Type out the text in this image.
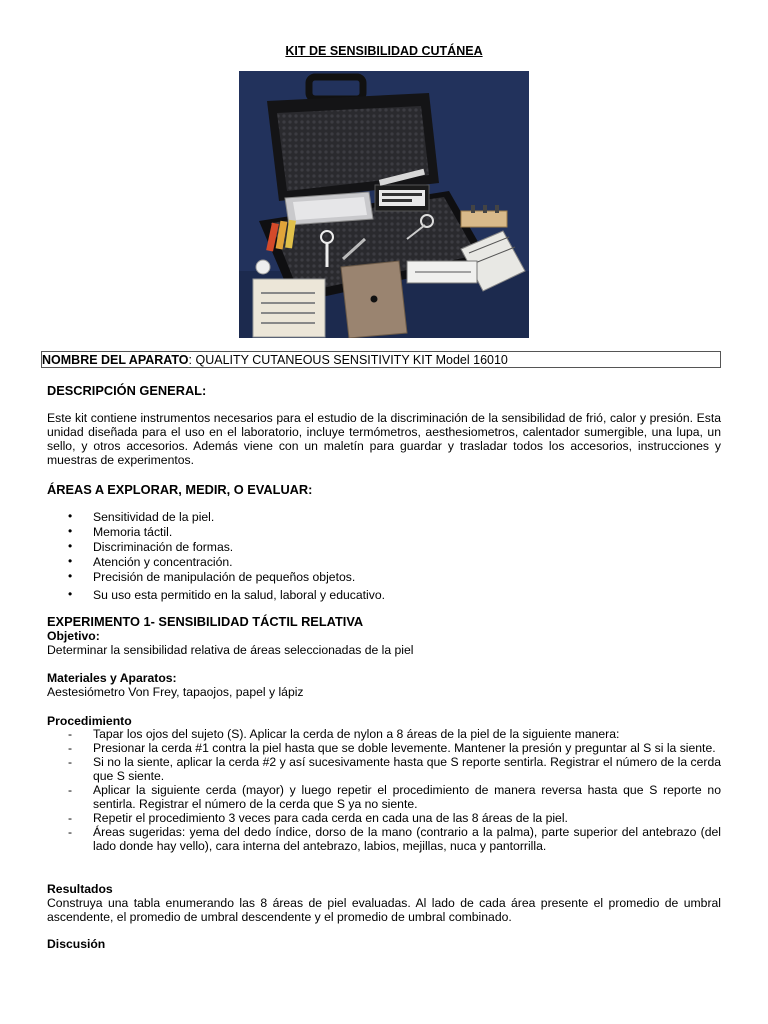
KIT DE SENSIBILIDAD CUTÁNEA
NOMBRE DEL APARATO: QUALITY CUTANEOUS SENSITIVITY KIT Model 16010
DESCRIPCIÓN GENERAL:
Este kit contiene instrumentos necesarios para el estudio de la discriminación de la sensibilidad de frió, calor y presión. Esta unidad diseñada para el uso en el laboratorio, incluye termómetros, aesthesiometros, calentador sumergible, una lupa, un sello, y otros accesorios. Además viene con un maletín para guardar y trasladar todos los accesorios, instrucciones y muestras de experimentos.
ÁREAS A EXPLORAR, MEDIR, O EVALUAR:
• Sensitividad de la piel.
• Memoria táctil.
• Discriminación de formas.
• Atención y concentración.
• Precisión de manipulación de pequeños objetos.
• Su uso esta permitido en la salud, laboral y educativo.
EXPERIMENTO 1- SENSIBILIDAD TÁCTIL RELATIVA
Objetivo:
Determinar la sensibilidad relativa de áreas seleccionadas de la piel
Materiales y Aparatos:
Aestesiómetro Von Frey, tapaojos, papel y lápiz
Procedimiento
- Tapar los ojos del sujeto (S). Aplicar la cerda de nylon a 8 áreas de la piel de la siguiente manera:
- Presionar la cerda #1 contra la piel hasta que se doble levemente. Mantener la presión y preguntar al S si la siente.
- Si no la siente, aplicar la cerda #2 y así sucesivamente hasta que S reporte sentirla. Registrar el número de la cerda que S siente.
- Aplicar la siguiente cerda (mayor) y luego repetir el procedimiento de manera reversa hasta que S reporte no sentirla. Registrar el número de la cerda que S ya no siente.
- Repetir el procedimiento 3 veces para cada cerda en cada una de las 8 áreas de la piel.
- Áreas sugeridas: yema del dedo índice, dorso de la mano (contrario a la palma), parte superior del antebrazo (del lado donde hay vello), cara interna del antebrazo, labios, mejillas, nuca y pantorrilla.
Resultados
Construya una tabla enumerando las 8 áreas de piel evaluadas. Al lado de cada área presente el promedio de umbral ascendente, el promedio de umbral descendente y el promedio de umbral combinado.
Discusión
